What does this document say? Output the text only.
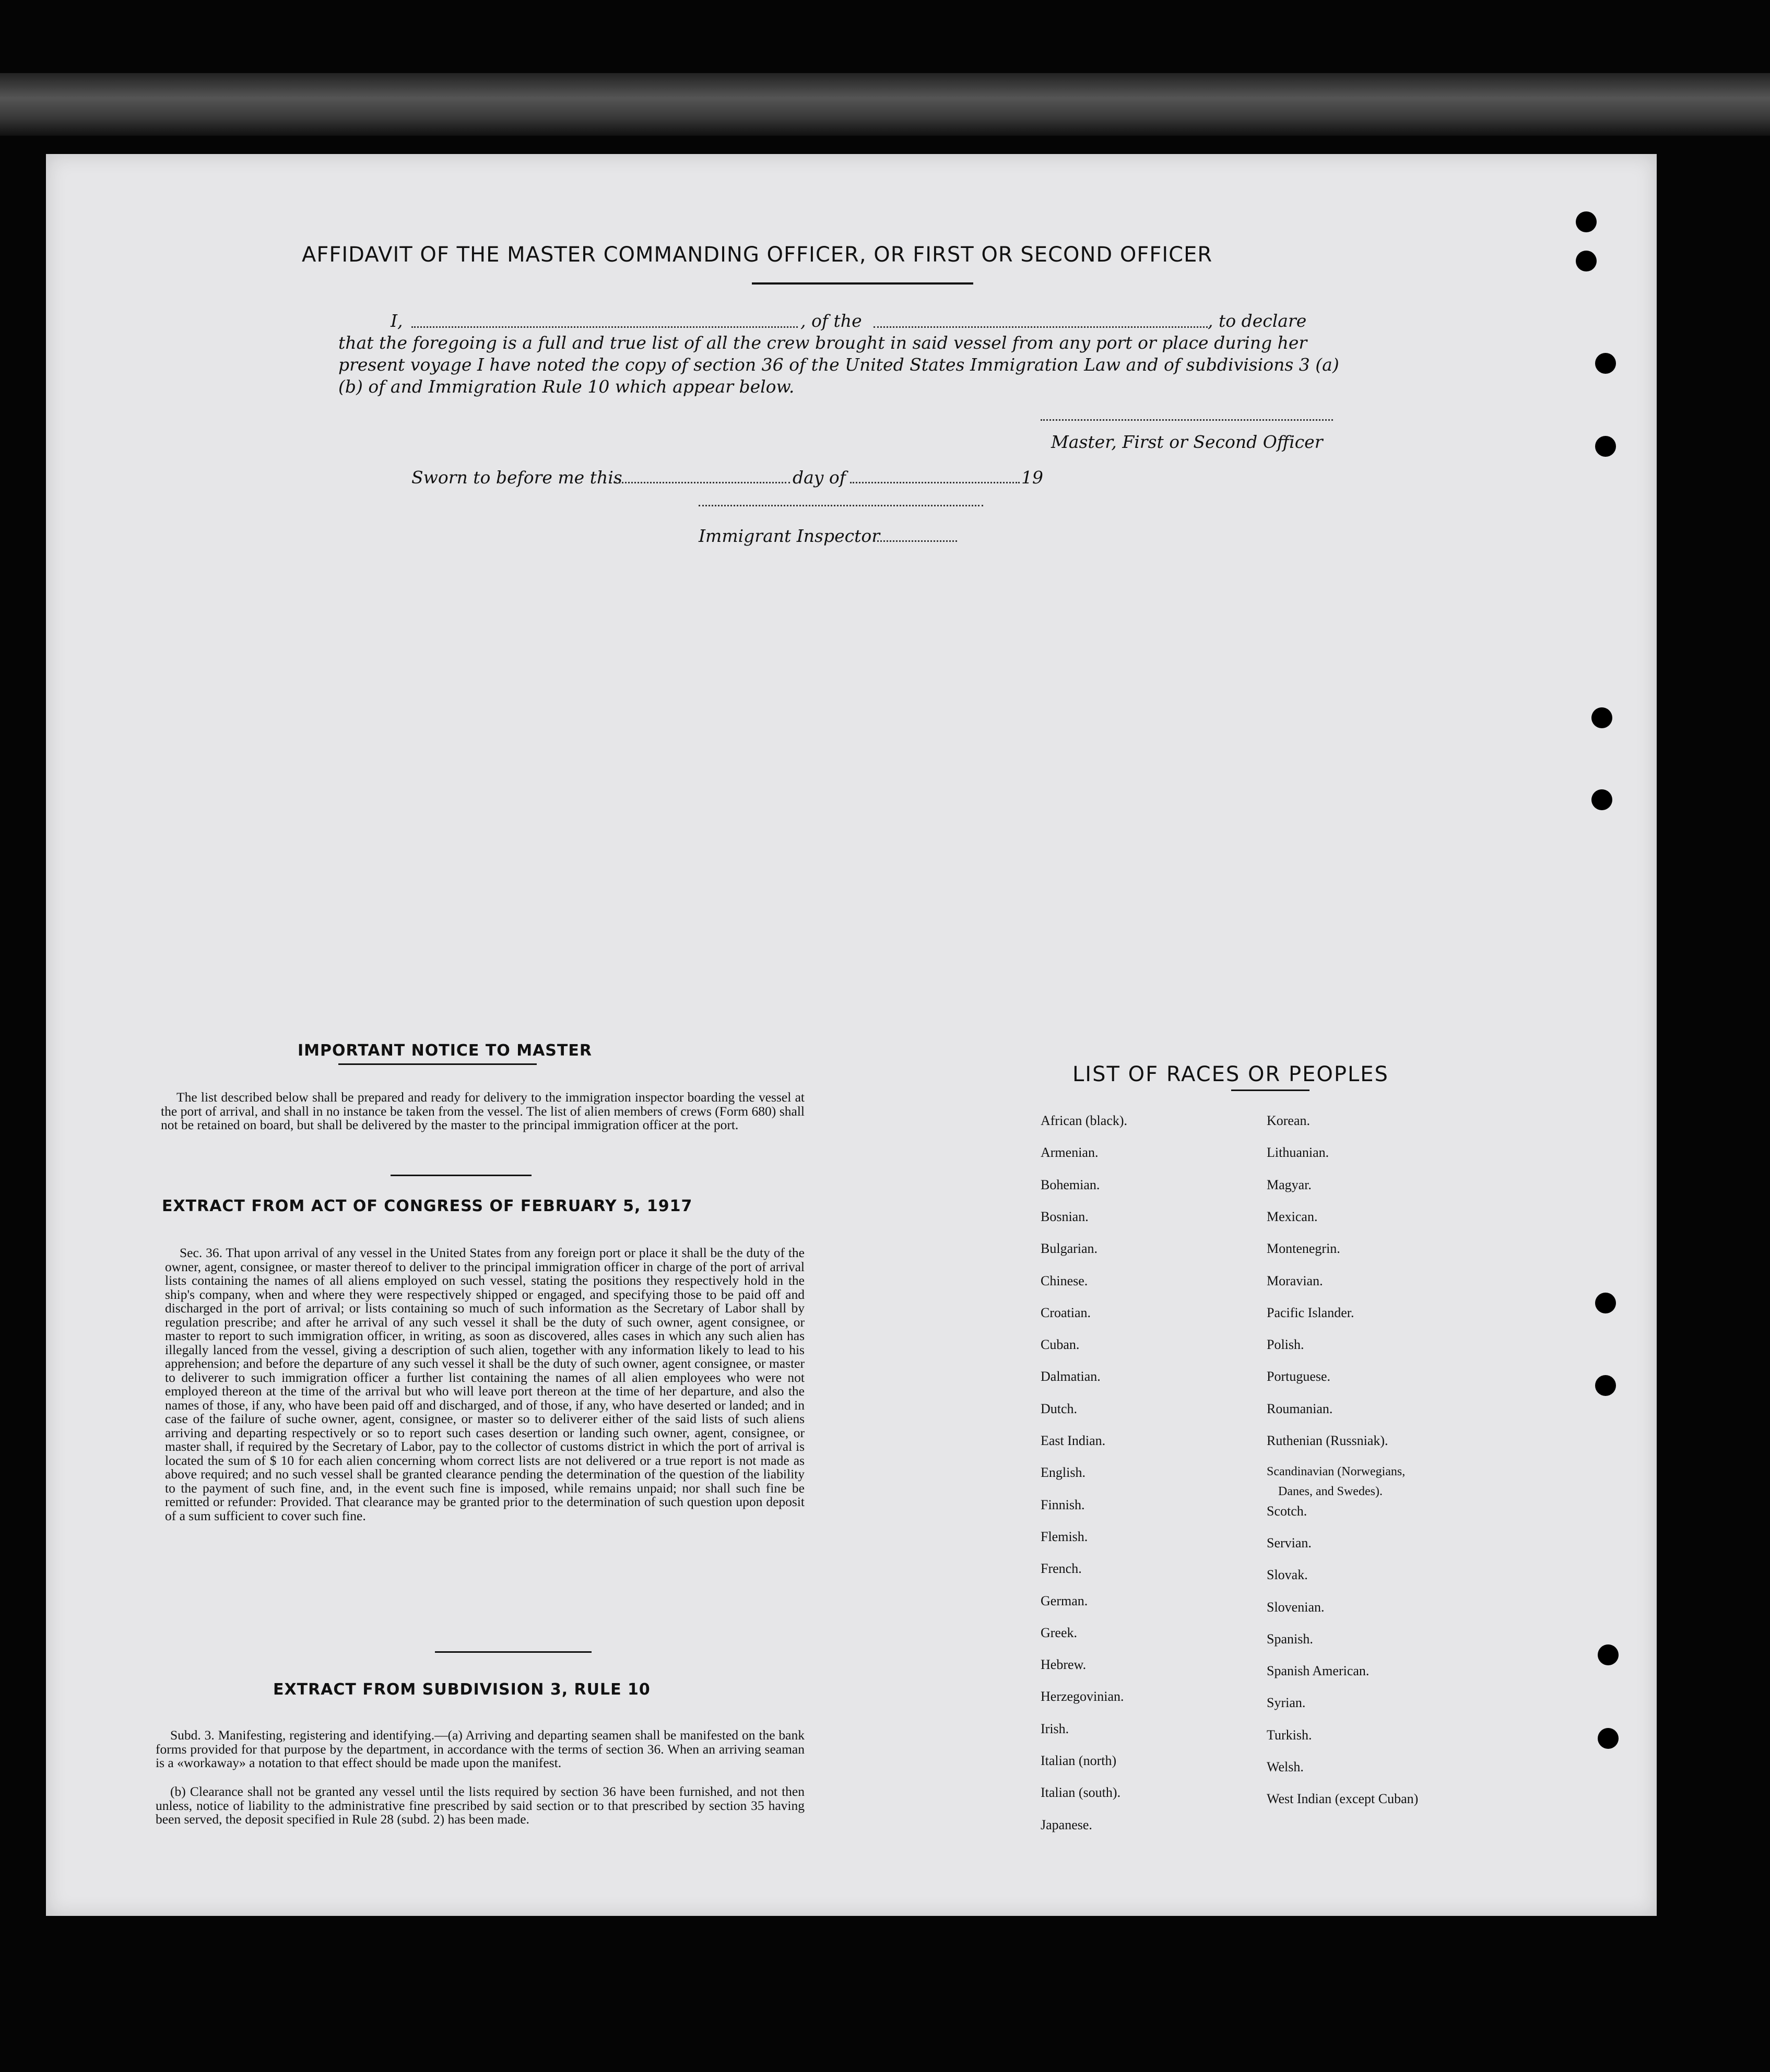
AFFIDAVIT OF THE MASTER COMMANDING OFFICER, OR FIRST OR SECOND OFFICER
I,	, of the	, to declare
that the foregoing is a full and true list of all the crew brought in said vessel from any port or place during her
present voyage I have noted the copy of section 36 of the United States Immigration Law and of subdivisions 3 (a)
(b) of and Immigration Rule 10 which appear below.
Master, First or Second Officer
Sworn to before me this	day of	19
Immigrant Inspector
IMPORTANT NOTICE TO MASTER
The list described below shall be prepared and ready for delivery to the immigration inspector boarding the vessel at the port of arrival, and shall in no instance be taken from the vessel. The list of alien members of crews (Form 680) shall not be retained on board, but shall be delivered by the master to the principal immigration officer at the port.
EXTRACT FROM ACT OF CONGRESS OF FEBRUARY 5, 1917
Sec. 36. That upon arrival of any vessel in the United States from any foreign port or place it shall be the duty of the owner, agent, consignee, or master thereof to deliver to the principal immigration officer in charge of the port of arrival lists containing the names of all aliens employed on such vessel, stating the positions they respectively hold in the ship's company, when and where they were respectively shipped or engaged, and specifying those to be paid off and discharged in the port of arrival; or lists containing so much of such information as the Secretary of Labor shall by regulation prescribe; and after he arrival of any such vessel it shall be the duty of such owner, agent consignee, or master to report to such immigration officer, in writing, as soon as discovered, alles cases in which any such alien has illegally lanced from the vessel, giving a description of such alien, together with any information likely to lead to his apprehension; and before the departure of any such vessel it shall be the duty of such owner, agent consignee, or master to deliverer to such immigration officer a further list containing the names of all alien employees who were not employed thereon at the time of the arrival but who will leave port thereon at the time of her departure, and also the names of those, if any, who have been paid off and discharged, and of those, if any, who have deserted or landed; and in case of the failure of suche owner, agent, consignee, or master so to deliverer either of the said lists of such aliens arriving and departing respectively or so to report such cases desertion or landing such owner, agent, consignee, or master shall, if required by the Secretary of Labor, pay to the collector of customs district in which the port of arrival is located the sum of $ 10 for each alien concerning whom correct lists are not delivered or a true report is not made as above required; and no such vessel shall be granted clearance pending the determination of the question of the liability to the payment of such fine, and, in the event such fine is imposed, while remains unpaid; nor shall such fine be remitted or refunder: Provided. That clearance may be granted prior to the determination of such question upon deposit of a sum sufficient to cover such fine.
EXTRACT FROM SUBDIVISION 3, RULE 10
Subd. 3. Manifesting, registering and identifying.—(a) Arriving and departing seamen shall be manifested on the bank forms provided for that purpose by the department, in accordance with the terms of section 36. When an arriving seaman is a «workaway» a notation to that effect should be made upon the manifest.
(b) Clearance shall not be granted any vessel until the lists required by section 36 have been furnished, and not then unless, notice of liability to the administrative fine prescribed by said section or to that prescribed by section 35 having been served, the deposit specified in Rule 28 (subd. 2) has been made.
LIST OF RACES OR PEOPLES
African (black).
Armenian.
Bohemian.
Bosnian.
Bulgarian.
Chinese.
Croatian.
Cuban.
Dalmatian.
Dutch.
East Indian.
English.
Finnish.
Flemish.
French.
German.
Greek.
Hebrew.
Herzegovinian.
Irish.
Italian (north)
Italian (south).
Japanese.
Korean.
Lithuanian.
Magyar.
Mexican.
Montenegrin.
Moravian.
Pacific Islander.
Polish.
Portuguese.
Roumanian.
Ruthenian (Russniak).
Scandinavian (Norwegians,
Scotch.
Servian.
Slovak.
Slovenian.
Spanish.
Spanish American.
Syrian.
Turkish.
Welsh.
West Indian (except Cuban)
Danes, and Swedes).
